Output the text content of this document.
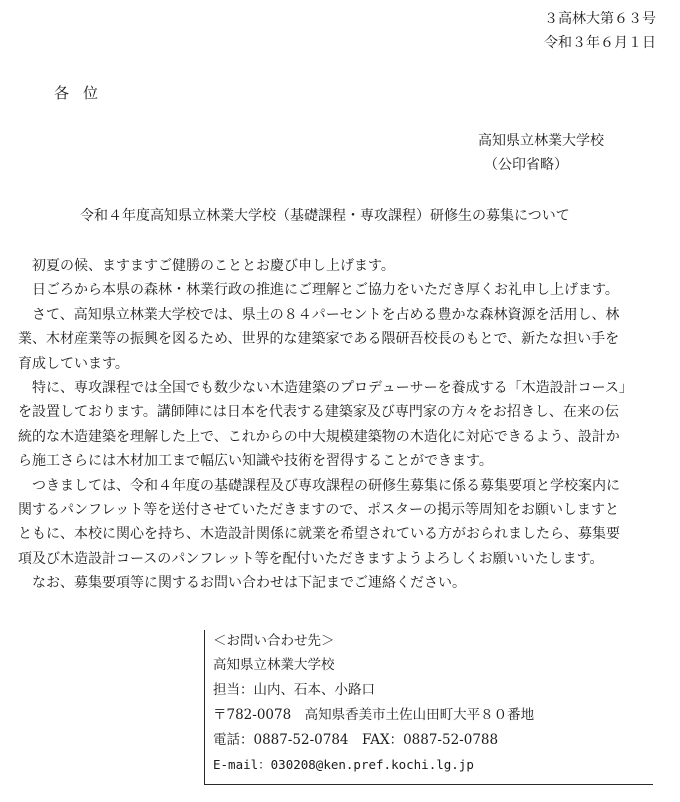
３高林大第６３号
令和３年６月１日
各位
高知県立林業大学校
（公印省略）
令和４年度高知県立林業大学校（基礎課程・専攻課程）研修生の募集について
　初夏の候、ますますご健勝のこととお慶び申し上げます。
　日ごろから本県の森林・林業行政の推進にご理解とご協力をいただき厚くお礼申し上げます。
　さて、高知県立林業大学校では、県土の８４パーセントを占める豊かな森林資源を活用し、林
業、木材産業等の振興を図るため、世界的な建築家である隈研吾校長のもとで、新たな担い手を
育成しています。
　特に、専攻課程では全国でも数少ない木造建築のプロデューサーを養成する「木造設計コース」
を設置しております。講師陣には日本を代表する建築家及び専門家の方々をお招きし、在来の伝
統的な木造建築を理解した上で、これからの中大規模建築物の木造化に対応できるよう、設計か
ら施工さらには木材加工まで幅広い知識や技術を習得することができます。
　つきましては、令和４年度の基礎課程及び専攻課程の研修生募集に係る募集要項と学校案内に
関するパンフレット等を送付させていただきますので、ポスターの掲示等周知をお願いしますと
ともに、本校に関心を持ち、木造設計関係に就業を希望されている方がおられましたら、募集要
項及び木造設計コースのパンフレット等を配付いただきますようよろしくお願いいたします。
　なお、募集要項等に関するお問い合わせは下記までご連絡ください。
＜お問い合わせ先＞
高知県立林業大学校
担当：山内、石本、小路口
〒782-0078　高知県香美市土佐山田町大平８０番地
電話：0887-52-0784　FAX：0887-52-0788
E-mail：030208@ken.pref.kochi.lg.jp
